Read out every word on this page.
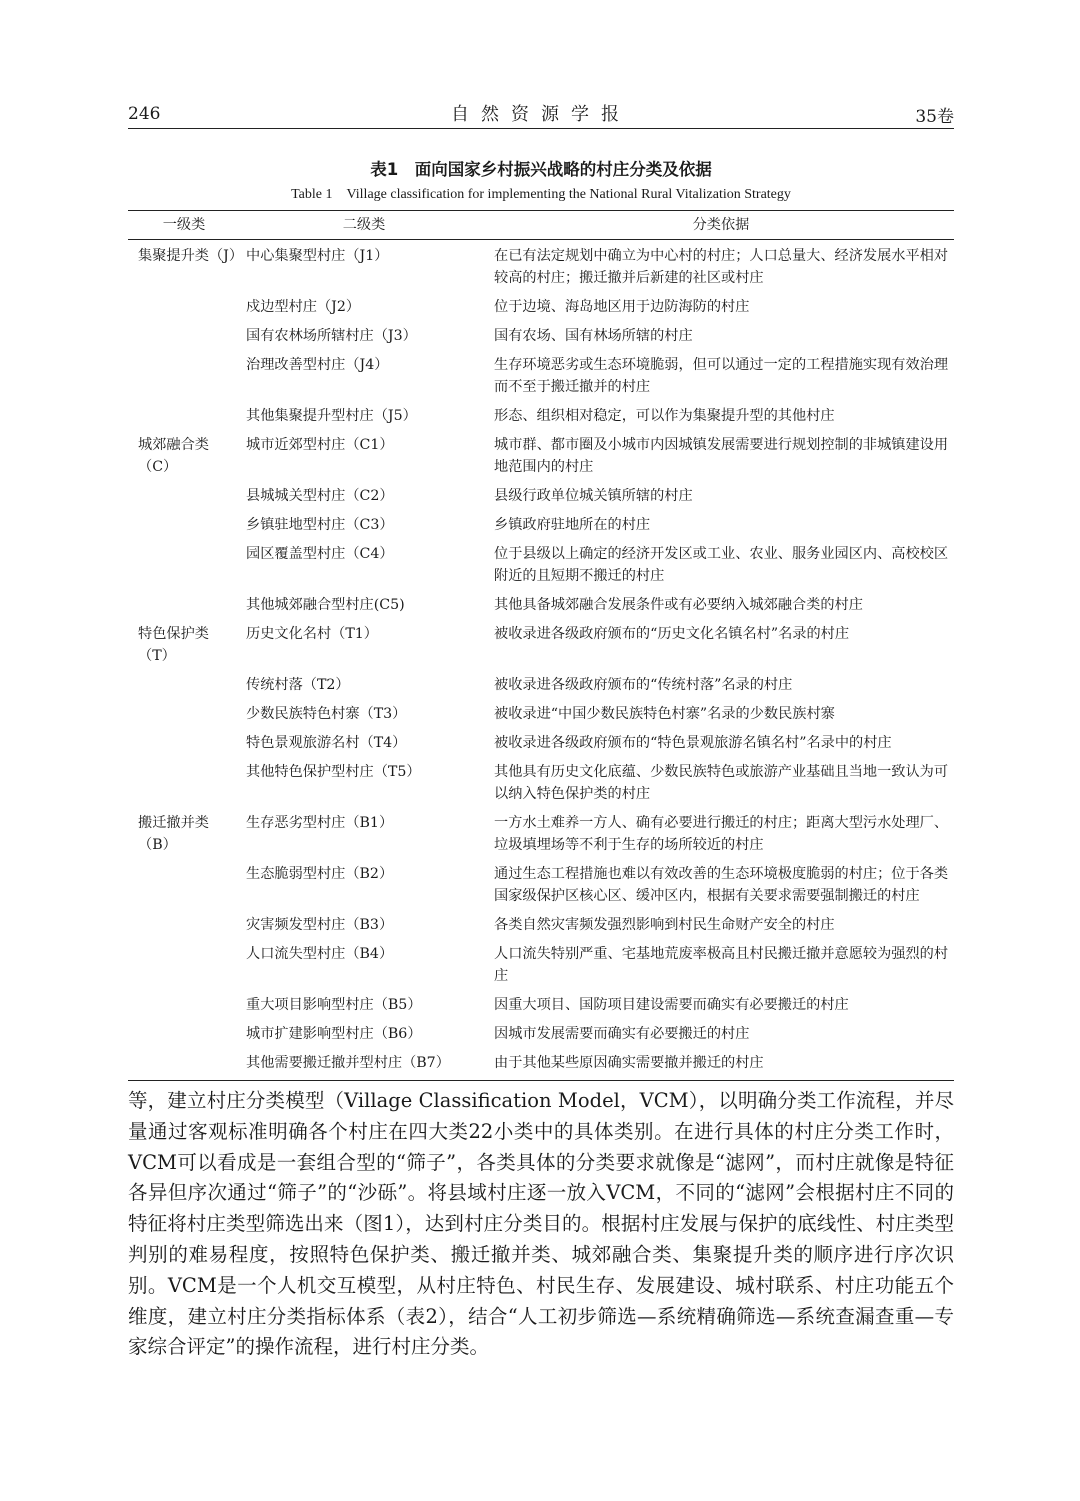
246	自然资源学报	35卷
表1　面向国家乡村振兴战略的村庄分类及依据
Table 1　Village classification for implementing the National Rural Vitalization Strategy
一级类	二级类	分类依据
集聚提升类（J）	中心集聚型村庄（J1）	在已有法定规划中确立为中心村的村庄；人口总量大、经济发展水平相对较高的村庄；搬迁撤并后新建的社区或村庄
	戍边型村庄（J2）	位于边境、海岛地区用于边防海防的村庄
	国有农林场所辖村庄（J3）	国有农场、国有林场所辖的村庄
	治理改善型村庄（J4）	生存环境恶劣或生态环境脆弱，但可以通过一定的工程措施实现有效治理而不至于搬迁撤并的村庄
	其他集聚提升型村庄（J5）	形态、组织相对稳定，可以作为集聚提升型的其他村庄
城郊融合类（C）	城市近郊型村庄（C1）	城市群、都市圈及小城市内因城镇发展需要进行规划控制的非城镇建设用地范围内的村庄
	县城城关型村庄（C2）	县级行政单位城关镇所辖的村庄
	乡镇驻地型村庄（C3）	乡镇政府驻地所在的村庄
	园区覆盖型村庄（C4）	位于县级以上确定的经济开发区或工业、农业、服务业园区内、高校校区附近的且短期不搬迁的村庄
	其他城郊融合型村庄(C5)	其他具备城郊融合发展条件或有必要纳入城郊融合类的村庄
特色保护类（T）	历史文化名村（T1）	被收录进各级政府颁布的“历史文化名镇名村”名录的村庄
	传统村落（T2）	被收录进各级政府颁布的“传统村落”名录的村庄
	少数民族特色村寨（T3）	被收录进“中国少数民族特色村寨”名录的少数民族村寨
	特色景观旅游名村（T4）	被收录进各级政府颁布的“特色景观旅游名镇名村”名录中的村庄
	其他特色保护型村庄（T5）	其他具有历史文化底蕴、少数民族特色或旅游产业基础且当地一致认为可以纳入特色保护类的村庄
搬迁撤并类（B）	生存恶劣型村庄（B1）	一方水土难养一方人、确有必要进行搬迁的村庄；距离大型污水处理厂、垃圾填埋场等不利于生存的场所较近的村庄
	生态脆弱型村庄（B2）	通过生态工程措施也难以有效改善的生态环境极度脆弱的村庄；位于各类国家级保护区核心区、缓冲区内，根据有关要求需要强制搬迁的村庄
	灾害频发型村庄（B3）	各类自然灾害频发强烈影响到村民生命财产安全的村庄
	人口流失型村庄（B4）	人口流失特别严重、宅基地荒废率极高且村民搬迁撤并意愿较为强烈的村庄
	重大项目影响型村庄（B5）	因重大项目、国防项目建设需要而确实有必要搬迁的村庄
	城市扩建影响型村庄（B6）	因城市发展需要而确实有必要搬迁的村庄
	其他需要搬迁撤并型村庄（B7）	由于其他某些原因确实需要撤并搬迁的村庄
等，建立村庄分类模型（Village Classification Model，VCM），以明确分类工作流程，并尽量通过客观标准明确各个村庄在四大类22小类中的具体类别。在进行具体的村庄分类工作时，VCM可以看成是一套组合型的“筛子”，各类具体的分类要求就像是“滤网”，而村庄就像是特征各异但序次通过“筛子”的“沙砾”。将县域村庄逐一放入VCM，不同的“滤网”会根据村庄不同的特征将村庄类型筛选出来（图1），达到村庄分类目的。根据村庄发展与保护的底线性、村庄类型判别的难易程度，按照特色保护类、搬迁撤并类、城郊融合类、集聚提升类的顺序进行序次识别。VCM是一个人机交互模型，从村庄特色、村民生存、发展建设、城村联系、村庄功能五个维度，建立村庄分类指标体系（表2），结合“人工初步筛选—系统精确筛选—系统查漏查重—专家综合评定”的操作流程，进行村庄分类。
